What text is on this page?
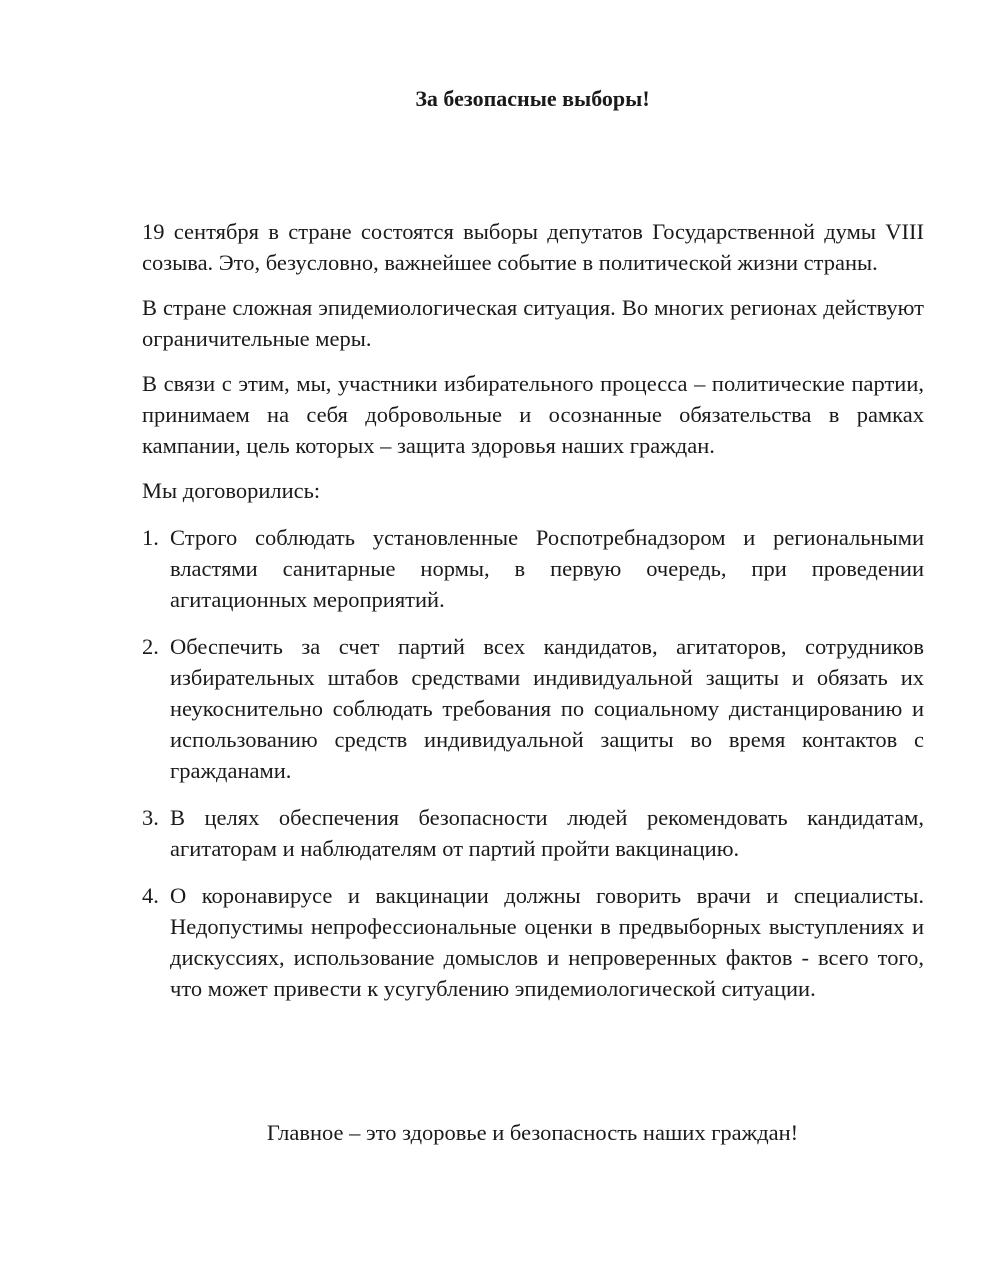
За безопасные выборы!

19 сентября в стране состоятся выборы депутатов Государственной думы VIII созыва. Это, безусловно, важнейшее событие в политической жизни страны.

В стране сложная эпидемиологическая ситуация. Во многих регионах действуют ограничительные меры.

В связи с этим, мы, участники избирательного процесса – политические партии, принимаем на себя добровольные и осознанные обязательства в рамках кампании, цель которых – защита здоровья наших граждан.

Мы договорились:

1. Строго соблюдать установленные Роспотребнадзором и региональными властями санитарные нормы, в первую очередь, при проведении агитационных мероприятий.
2. Обеспечить за счет партий всех кандидатов, агитаторов, сотрудников избирательных штабов средствами индивидуальной защиты и обязать их неукоснительно соблюдать требования по социальному дистанцированию и использованию средств индивидуальной защиты во время контактов с гражданами.
3. В целях обеспечения безопасности людей рекомендовать кандидатам, агитаторам и наблюдателям от партий пройти вакцинацию.
4. О коронавирусе и вакцинации должны говорить врачи и специалисты. Недопустимы непрофессиональные оценки в предвыборных выступлениях и дискуссиях, использование домыслов и непроверенных фактов - всего того, что может привести к усугублению эпидемиологической ситуации.
Главное – это здоровье и безопасность наших граждан!
